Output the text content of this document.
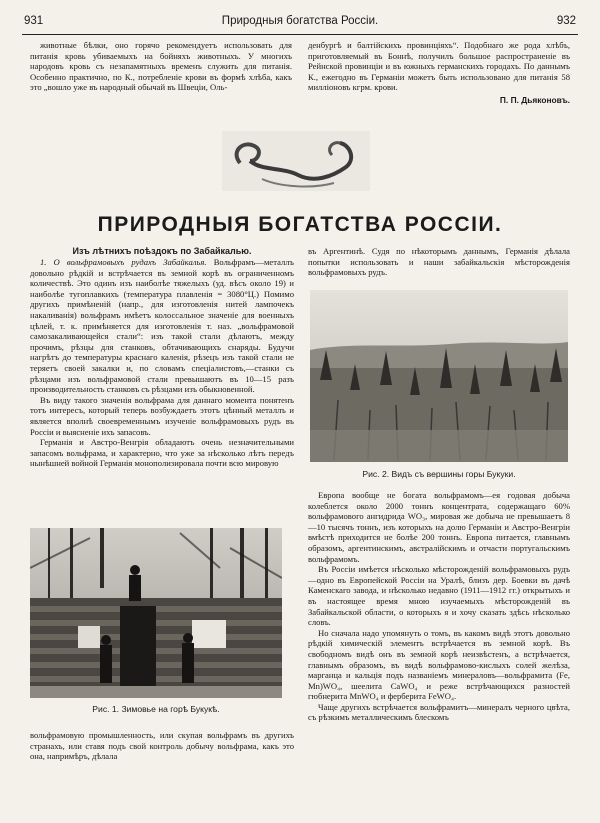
931	Природныя богатства Россіи.	932

животные бѣлки, оно горячо рекомендуетъ использовать для питанія кровь убиваемыхъ на бойняхъ животныхъ. У многихъ народовъ кровь съ незапамятныхъ временъ служить для питанія. Особенно практично, по К., потребленіе крови въ формѣ хлѣба, какъ это „вошло уже въ народный обычай въ Швеціи, Оль-

денбургѣ и балтійскихъ провинціяхъ“. Подобнаго же рода хлѣбъ, приготовляемый въ Боннѣ, получилъ большое распространеніе въ Рейнской провинціи и въ южныхъ германскихъ городахъ. По даннымъ К., ежегодно въ Германіи можетъ быть использовано для питанія 58 милліоновъ кгрм. крови.

П. П. Дьяконовъ.
ПРИРОДНЫЯ БОГАТСТВА РОССІИ.
Изъ лѣтнихъ поѣздокъ по Забайкалью.

1. О вольфрамовыхъ рудахъ Забайкалья. Вольфрамъ—металлъ довольно рѣдкій и встрѣчается въ земной корѣ въ ограниченномъ количествѣ. Это одинъ изъ наиболѣе тяжелыхъ (уд. вѣсъ около 19) и наиболѣе тугоплавкихъ (температура плавленія = 3080°Ц.) Помимо другихъ примѣненій (напр., для изготовленія нитей лампочекъ накаливанія) вольфрамъ имѣетъ колоссальное значеніе для военныхъ цѣлей, т. к. примѣняется для изготовленія т. наз. „вольфрамовой самозакаливающейся стали“: изъ такой стали дѣлаютъ, между прочимъ, рѣзцы для станковъ, обтачивающихъ снаряды. Будучи нагрѣтъ до температуры краснаго каленія, рѣзецъ изъ такой стали не теряетъ своей закалки и, по словамъ спеціалистовъ,—станки съ рѣзцами изъ вольфрамовой стали превышаютъ въ 10—15 разъ производительность станковъ съ рѣзцами изъ обыкновенной.

Въ виду такого значенія вольфрама для даннаго момента понятенъ тотъ интересъ, который теперь возбуждаетъ этотъ цѣнный металлъ и является вполнѣ своевременнымъ изученіе вольфрамовыхъ рудъ въ Россіи и выясненіе ихъ запасовъ.

Германія и Австро-Венгрія обладаютъ очень незначительными запасомъ вольфрама, и характерно, что уже за нѣсколько лѣтъ передъ нынѣшней войной Германія монополизировала почти всю мировую

Рис. 1. Зимовье на горѣ Букукѣ.

вольфрамовую промышленность, или скупая вольфрамъ въ другихъ странахъ, или ставя подъ свой контроль добычу вольфрама, какъ это она, напримѣръ, дѣлала

въ Аргентинѣ. Судя по нѣкоторымъ даннымъ, Германія дѣлала попытки использовать и наши забайкальскія мѣсторожденія вольфрамовыхъ рудъ.

Рис. 2. Видъ съ вершины горы Букуки.

Европа вообще не богата вольфрамомъ—ея годовая добыча колеблется около 2000 тоннъ концентрата, содержащаго 60% вольфрамового ангидрида WO₃, мировая же добыча не превышаетъ 8—10 тысячъ тоннъ, изъ которыхъ на долю Германіи и Австро-Венгріи вмѣстѣ приходится не болѣе 200 тоннъ. Европа питается, главнымъ образомъ, аргентинскимъ, австралійскимъ и отчасти португальскимъ вольфрамомъ.

Въ Россіи имѣется нѣсколько мѣсторожденій вольфрамовыхъ рудъ—одно въ Европейской Россіи на Уралѣ, близъ дер. Боевки въ дачѣ Каменскаго завода, и нѣсколько недавно (1911—1912 гг.) открытыхъ и въ настоящее время мною изучаемыхъ мѣсторожденій въ Забайкальской области, о которыхъ я и хочу сказать здѣсь нѣсколько словъ.

Но сначала надо упомянуть о томъ, въ какомъ видѣ этотъ довольно рѣдкій химическій элементъ встрѣчается въ земной корѣ. Въ свободномъ видѣ онъ въ земной корѣ неизвѣстенъ, а встрѣчается, главнымъ образомъ, въ видѣ вольфрамово-кислыхъ солей желѣза, марганца и кальція подъ названіемъ минераловъ—вольфрамита (Fe, Mn)WO₄, шеелита CaWO₄ и реже встрѣчающихся разностей гюбнерита MnWO₄ и ферберита FeWO₄.

Чаще другихъ встрѣчается вольфрамитъ—минералъ черного цвѣта, съ рѣзкимъ металлическимъ блескомъ
